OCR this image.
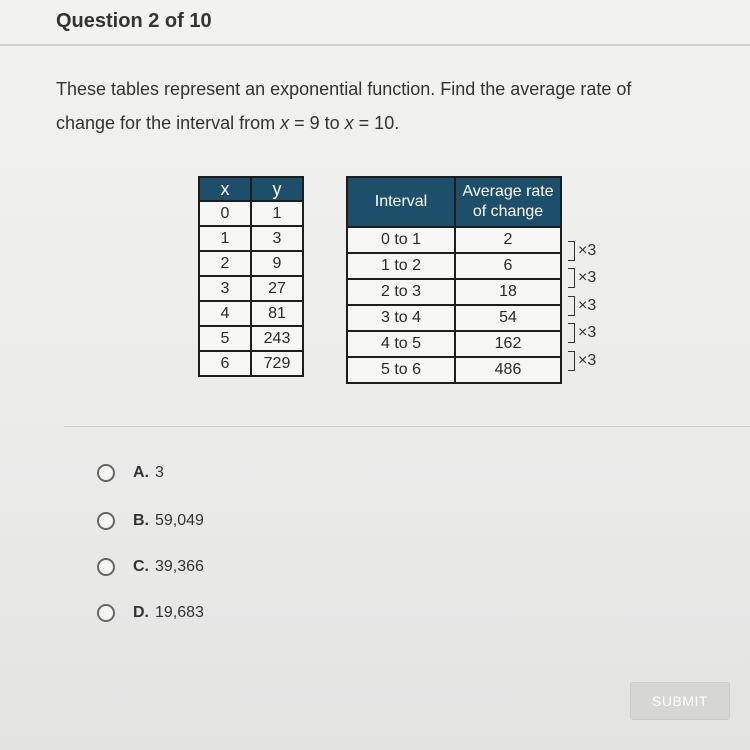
Question 2 of 10
These tables represent an exponential function. Find the average rate of
change for the interval from x = 9 to x = 10.
x	y
0	1
1	3
2	9
3	27
4	81
5	243
6	729
Interval	Average rate
of change
0 to 1	2
1 to 2	6
2 to 3	18
3 to 4	54
4 to 5	162
5 to 6	486
×3
×3
×3
×3
×3
A. 3
B. 59,049
C. 39,366
D. 19,683
SUBMIT
